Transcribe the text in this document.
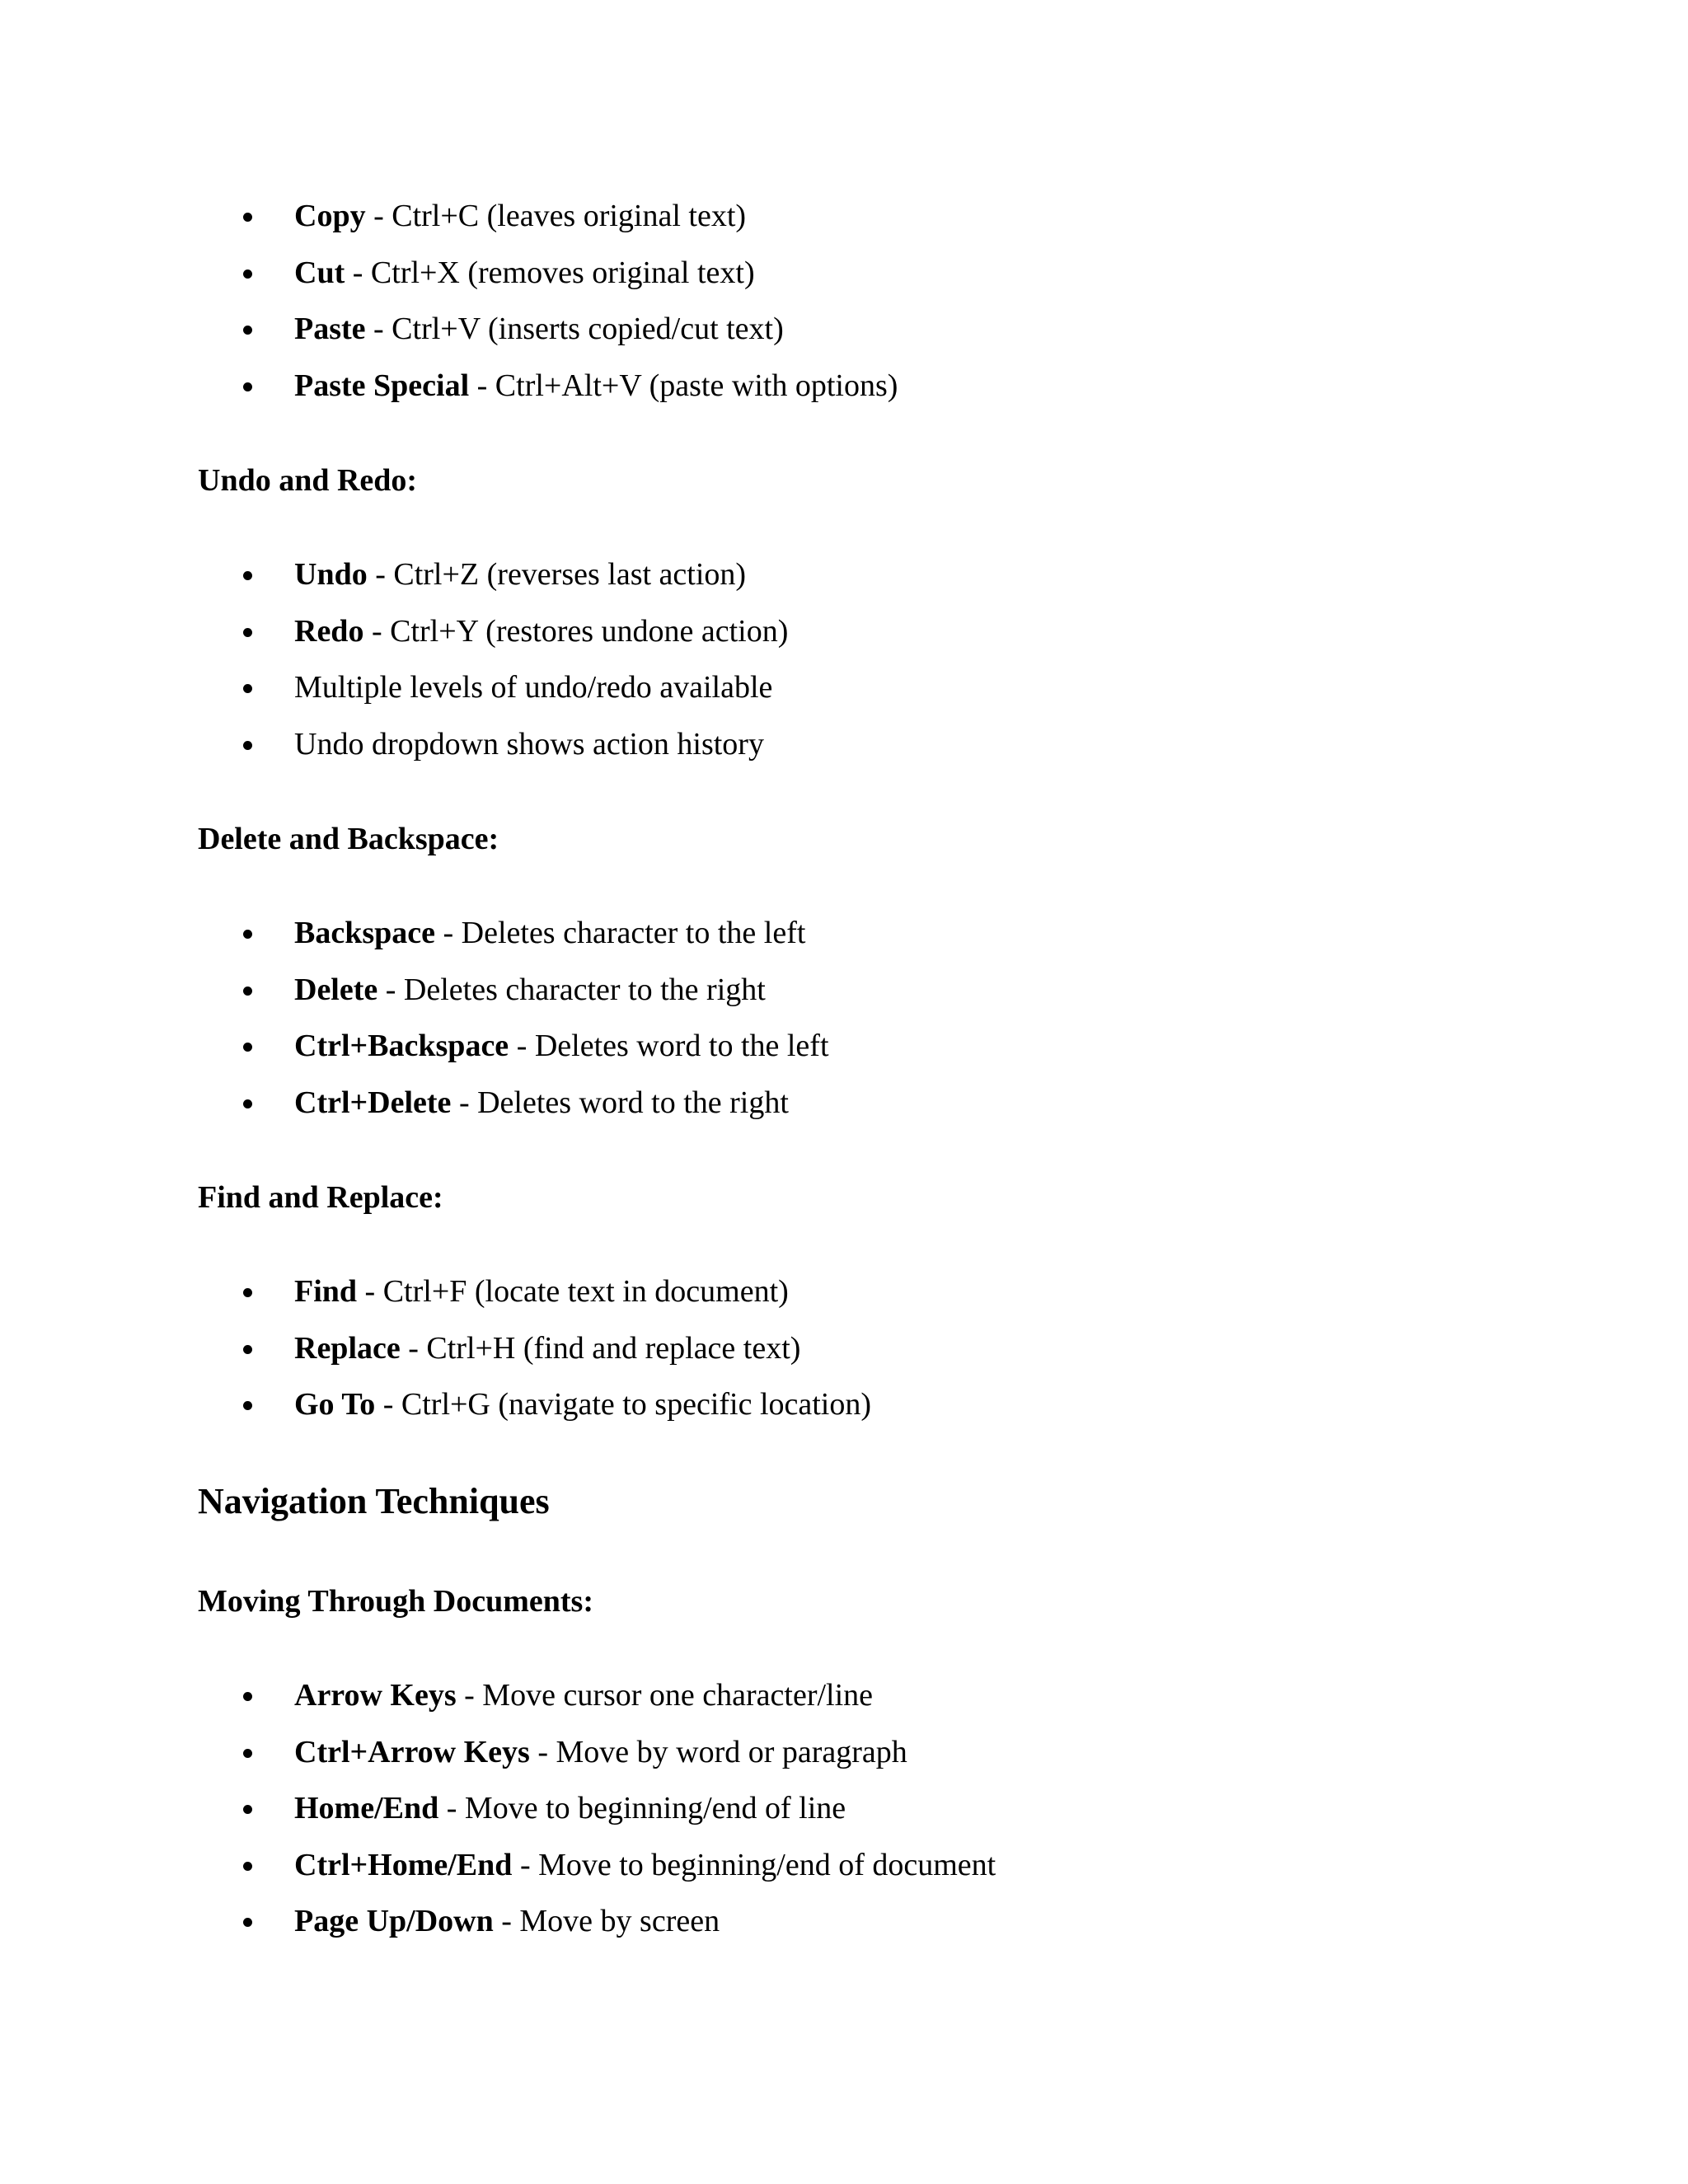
Copy - Ctrl+C (leaves original text)
Cut - Ctrl+X (removes original text)
Paste - Ctrl+V (inserts copied/cut text)
Paste Special - Ctrl+Alt+V (paste with options)
Undo and Redo:
Undo - Ctrl+Z (reverses last action)
Redo - Ctrl+Y (restores undone action)
Multiple levels of undo/redo available
Undo dropdown shows action history
Delete and Backspace:
Backspace - Deletes character to the left
Delete - Deletes character to the right
Ctrl+Backspace - Deletes word to the left
Ctrl+Delete - Deletes word to the right
Find and Replace:
Find - Ctrl+F (locate text in document)
Replace - Ctrl+H (find and replace text)
Go To - Ctrl+G (navigate to specific location)
Navigation Techniques
Moving Through Documents:
Arrow Keys - Move cursor one character/line
Ctrl+Arrow Keys - Move by word or paragraph
Home/End - Move to beginning/end of line
Ctrl+Home/End - Move to beginning/end of document
Page Up/Down - Move by screen
